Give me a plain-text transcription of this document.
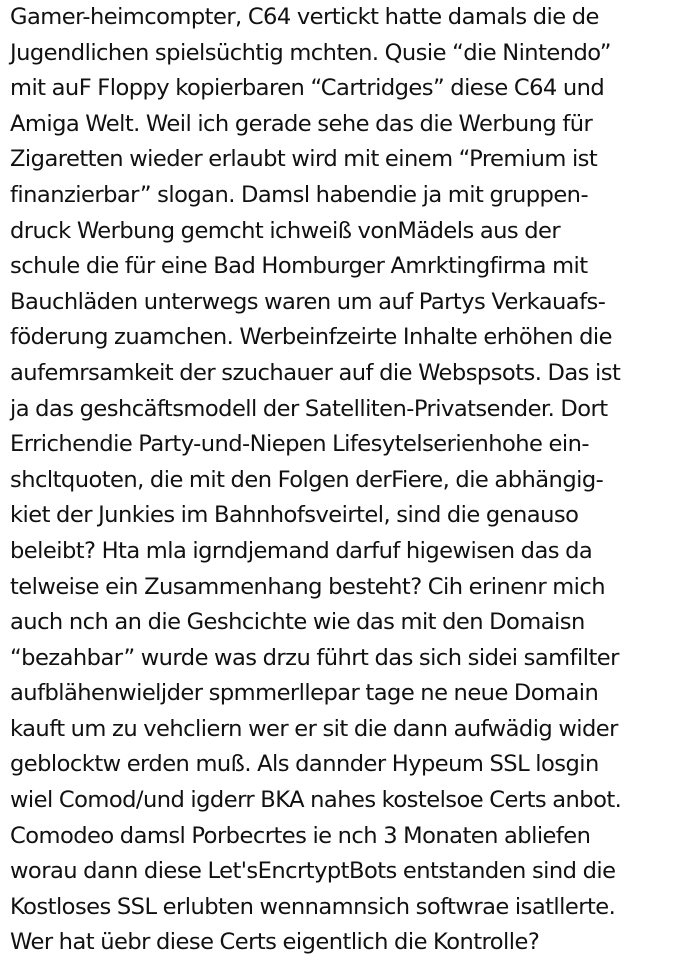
Gamer-heimcompter, C64 vertickt hatte damals die de
Jugendlichen spielsüchtig mchten. Qusie “die Nintendo”
mit auF Floppy kopierbaren “Cartridges” diese C64 und
Amiga Welt. Weil ich gerade sehe das die Werbung für
Zigaretten wieder erlaubt wird mit einem “Premium ist
finanzierbar” slogan. Damsl habendie ja mit gruppen-
druck Werbung gemcht ichweiß vonMädels aus der
schule die für eine Bad Homburger Amrktingfirma mit
Bauchläden unterwegs waren um auf Partys Verkauafs-
föderung zuamchen. Werbeinfzeirte Inhalte erhöhen die
aufemrsamkeit der szuchauer auf die Webspsots. Das ist
ja das geshcäftsmodell der Satelliten-Privatsender. Dort
Errichendie Party-und-Niepen Lifesytelserienhohe ein-
shcltquoten, die mit den Folgen derFiere, die abhängig-
kiet der Junkies im Bahnhofsveirtel, sind die genauso
beleibt? Hta mla igrndjemand darfuf higewisen das da
telweise ein Zusammenhang besteht? Cih erinenr mich
auch nch an die Geshcichte wie das mit den Domaisn
“bezahbar” wurde was drzu führt das sich sidei samfilter
aufblähenwieljder spmmerllepar tage ne neue Domain
kauft um zu vehcliern wer er sit die dann aufwädig wider
geblocktw erden muß. Als dannder Hypeum SSL losgin
wiel Comod/und igderr BKA nahes kostelsoe Certs anbot.
Comodeo damsl Porbecrtes ie nch 3 Monaten abliefen
worau dann diese Let'sEncrtyptBots entstanden sind die
Kostloses SSL erlubten wennamnsich softwrae isatllerte.
Wer hat üebr diese Certs eigentlich die Kontrolle?
